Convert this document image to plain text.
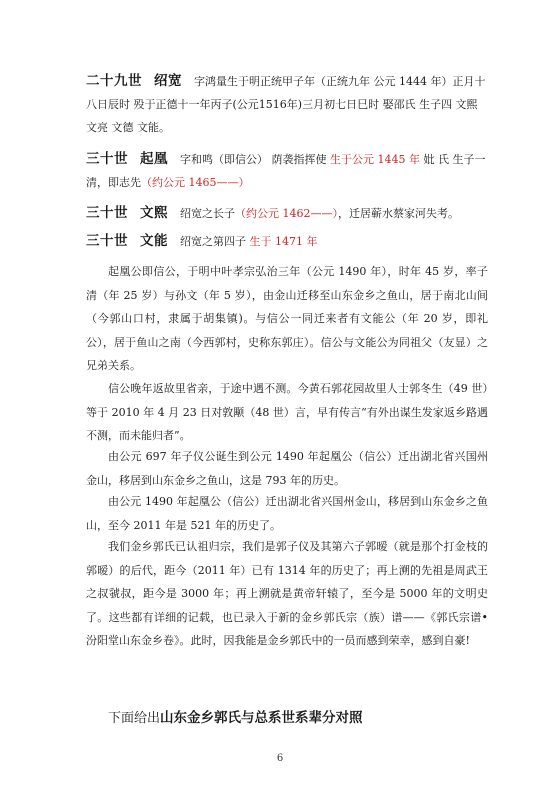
二十九世 绍宽 字鸿量生于明正统甲子年（正统九年 公元 1444 年）正月十八日辰时 殁于正德十一年丙子(公元1516年)三月初七日巳时 娶邵氏 生子四 文熙 文亮 文德 文能。

三十世 起凰 字和鸣（即信公） 荫袭指挥使 生于公元 1445 年 妣 氏 生子一 清，即志先（约公元 1465——）

三十世 文熙 绍宽之长子（约公元 1462——），迁居蕲水蔡家河失考。

三十世 文能 绍宽之第四子 生于 1471 年

起凰公即信公，于明中叶孝宗弘治三年（公元 1490 年），时年 45 岁，率子清（年 25 岁）与孙文（年 5 岁），由金山迁移至山东金乡之鱼山，居于南北山间（今郭山口村，隶属于胡集镇)。与信公一同迁来者有文能公（年 20 岁，即礼公），居于鱼山之南（今西郭村，史称东郭庄）。信公与文能公为同祖父（友显）之兄弟关系。

信公晚年返故里省亲，于途中遇不测。今黄石郭花园故里人士郭冬生（49 世）等于 2010 年 4 月 23 日对敦颙（48 世）言，早有传言“有外出谋生发家返乡路遇不测，而未能归者”。

由公元 697 年子仪公诞生到公元 1490 年起凰公（信公）迁出湖北省兴国州金山，移居到山东金乡之鱼山，这是 793 年的历史。

由公元 1490 年起凰公（信公）迁出湖北省兴国州金山，移居到山东金乡之鱼山，至今 2011 年是 521 年的历史了。

我们金乡郭氏已认祖归宗，我们是郭子仪及其第六子郭暧（就是那个打金枝的郭暧）的后代，距今（2011 年）已有 1314 年的历史了；再上溯的先祖是周武王之叔虢叔，距今是 3000 年；再上溯就是黄帝轩辕了，至今是 5000 年的文明史了。这些都有详细的记载，也已录入于新的金乡郭氏宗（族）谱——《郭氏宗谱•汾阳堂山东金乡卷》。此时，因我能是金乡郭氏中的一员而感到荣幸，感到自豪!

下面给出山东金乡郭氏与总系世系辈分对照

6
